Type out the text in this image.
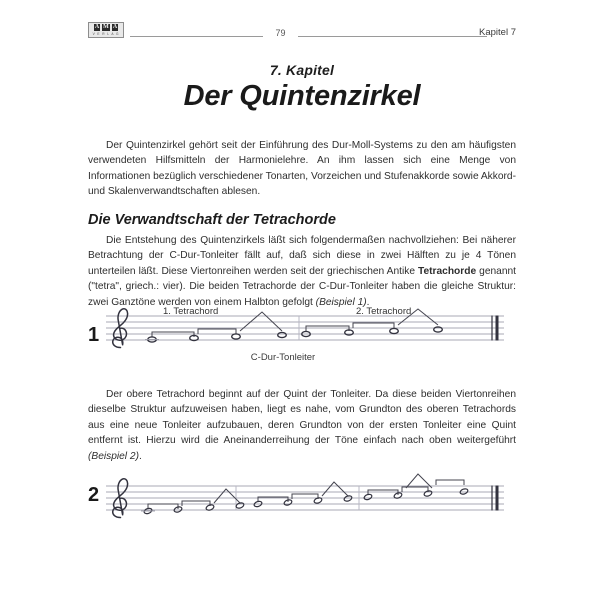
A M A
V E R L A G	79	Kapitel 7
7. Kapitel
Der Quintenzirkel
Der Quintenzirkel gehört seit der Einführung des Dur-Moll-Systems zu den am häufigsten verwendeten Hilfsmitteln der Harmonielehre. An ihm lassen sich eine Menge von Informationen bezüglich verschiedener Tonarten, Vorzeichen und Stufenakkorde sowie Akkord- und Skalenverwandtschaften ablesen.
Die Verwandtschaft der Tetrachorde
Die Entstehung des Quintenzirkels läßt sich folgendermaßen nachvollziehen: Bei näherer Betrachtung der C-Dur-Tonleiter fällt auf, daß sich diese in zwei Hälften zu je 4 Tönen unterteilen läßt. Diese Viertonreihen werden seit der griechischen Antike Tetrachorde genannt ("tetra", griech.: vier). Die beiden Tetrachorde der C-Dur-Tonleiter haben die gleiche Struktur: zwei Ganztöne werden von einem Halbton gefolgt (Beispiel 1).
1
1. Tetrachord	2. Tetrachord
C-Dur-Tonleiter
Der obere Tetrachord beginnt auf der Quint der Tonleiter. Da diese beiden Viertonreihen dieselbe Struktur aufzuweisen haben, liegt es nahe, vom Grundton des oberen Tetrachords aus eine neue Tonleiter aufzubauen, deren Grundton von der ersten Tonleiter eine Quint entfernt ist. Hierzu wird die Aneinanderreihung der Töne einfach nach oben weitergeführt (Beispiel 2).
2
